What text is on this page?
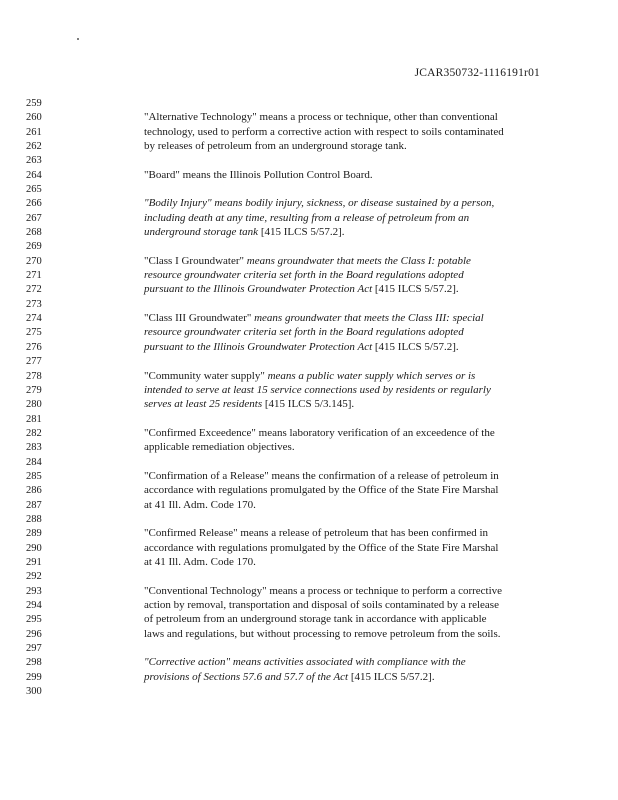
JCAR350732-1116191r01
259
260	"Alternative Technology" means a process or technique, other than conventional
261	technology, used to perform a corrective action with respect to soils contaminated
262	by releases of petroleum from an underground storage tank.
263
264	"Board" means the Illinois Pollution Control Board.
265
266	"Bodily Injury" means bodily injury, sickness, or disease sustained by a person,
267	including death at any time, resulting from a release of petroleum from an
268	underground storage tank [415 ILCS 5/57.2].
269
270	"Class I Groundwater" means groundwater that meets the Class I: potable
271	resource groundwater criteria set forth in the Board regulations adopted
272	pursuant to the Illinois Groundwater Protection Act [415 ILCS 5/57.2].
273
274	"Class III Groundwater" means groundwater that meets the Class III: special
275	resource groundwater criteria set forth in the Board regulations adopted
276	pursuant to the Illinois Groundwater Protection Act [415 ILCS 5/57.2].
277
278	"Community water supply" means a public water supply which serves or is
279	intended to serve at least 15 service connections used by residents or regularly
280	serves at least 25 residents [415 ILCS 5/3.145].
281
282	"Confirmed Exceedence" means laboratory verification of an exceedence of the
283	applicable remediation objectives.
284
285	"Confirmation of a Release" means the confirmation of a release of petroleum in
286	accordance with regulations promulgated by the Office of the State Fire Marshal
287	at 41 Ill. Adm. Code 170.
288
289	"Confirmed Release" means a release of petroleum that has been confirmed in
290	accordance with regulations promulgated by the Office of the State Fire Marshal
291	at 41 Ill. Adm. Code 170.
292
293	"Conventional Technology" means a process or technique to perform a corrective
294	action by removal, transportation and disposal of soils contaminated by a release
295	of petroleum from an underground storage tank in accordance with applicable
296	laws and regulations, but without processing to remove petroleum from the soils.
297
298	"Corrective action" means activities associated with compliance with the
299	provisions of Sections 57.6 and 57.7 of the Act [415 ILCS 5/57.2].
300
